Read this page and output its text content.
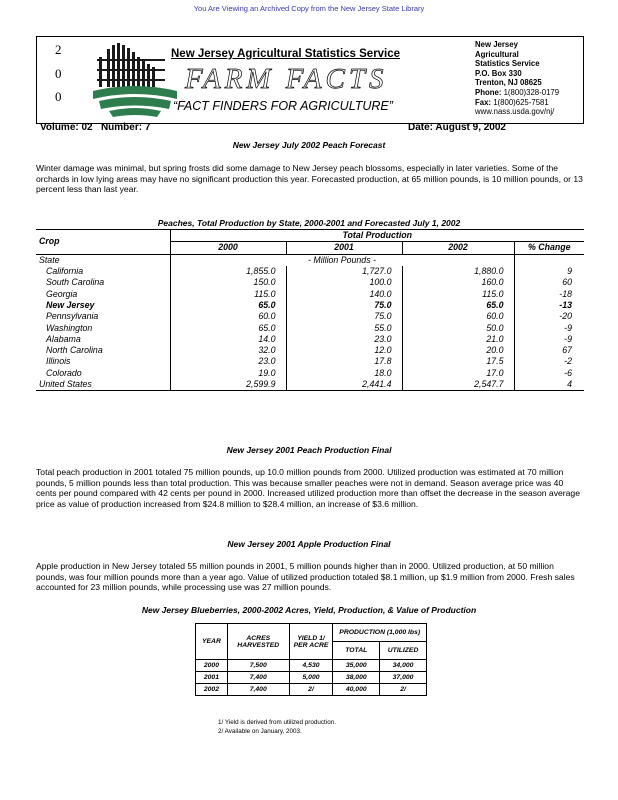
You Are Viewing an Archived Copy from the New Jersey State Library
2
0
0
New Jersey Agricultural Statistics Service
FARM FACTS
“FACT FINDERS FOR AGRICULTURE”
New Jersey
Agricultural
Statistics Service
P.O. Box 330
Trenton, NJ 08625
Phone: 1(800)328-0179
Fax: 1(800)625-7581
www.nass.usda.gov/nj/
Volume: 02   Number: 7	Date: August 9, 2002
New Jersey July 2002 Peach Forecast
Winter damage was minimal, but spring frosts did some damage to New Jersey peach blossoms, especially in later varieties. Some of the orchards in low lying areas may have no significant production this year. Forecasted production, at 65 million pounds, is 10 million pounds, or 13 percent less than last year.
Peaches, Total Production by State, 2000-2001 and Forecasted July 1, 2002
Crop	Total Production			
	2000	2001	2002	% Change
State	- Million Pounds -			
California	1,855.0	1,727.0	1,880.0	9
South Carolina	150.0	100.0	160.0	60
Georgia	115.0	140.0	115.0	-18
New Jersey	65.0	75.0	65.0	-13
Pennsylvania	60.0	75.0	60.0	-20
Washington	65.0	55.0	50.0	-9
Alabama	14.0	23.0	21.0	-9
North Carolina	32.0	12.0	20.0	67
Illinois	23.0	17.8	17.5	-2
Colorado	19.0	18.0	17.0	-6
United States	2,599.9	2,441.4	2,547.7	4
New Jersey 2001 Peach Production Final
Total peach production in 2001 totaled 75 million pounds, up 10.0 million pounds from 2000. Utilized production was estimated at 70 million pounds, 5 million pounds less than total production. This was because smaller peaches were not in demand. Season average price was 40 cents per pound compared with 42 cents per pound in 2000. Increased utilized production more than offset the decrease in the season average price as value of production increased from $24.8 million to $28.4 million, an increase of $3.6 million.
New Jersey 2001 Apple Production Final
Apple production in New Jersey totaled 55 million pounds in 2001, 5 million pounds higher than in 2000. Utilized production, at 50 million pounds, was four million pounds more than a year ago. Value of utilized production totaled $8.1 million, up $1.9 million from 2000. Fresh sales accounted for 23 million pounds, while processing use was 27 million pounds.
New Jersey Blueberries, 2000-2002 Acres, Yield, Production, & Value of Production
YEAR	ACRES HARVESTED	YIELD 1/ PER ACRE	PRODUCTION (1,000 lbs)	
			TOTAL	UTILIZED
2000	7,500	4,530	35,000	34,000
2001	7,400	5,000	38,000	37,000
2002	7,400	2/	40,000	2/
1/ Yield is derived from utilized production.
2/ Available on January, 2003.
